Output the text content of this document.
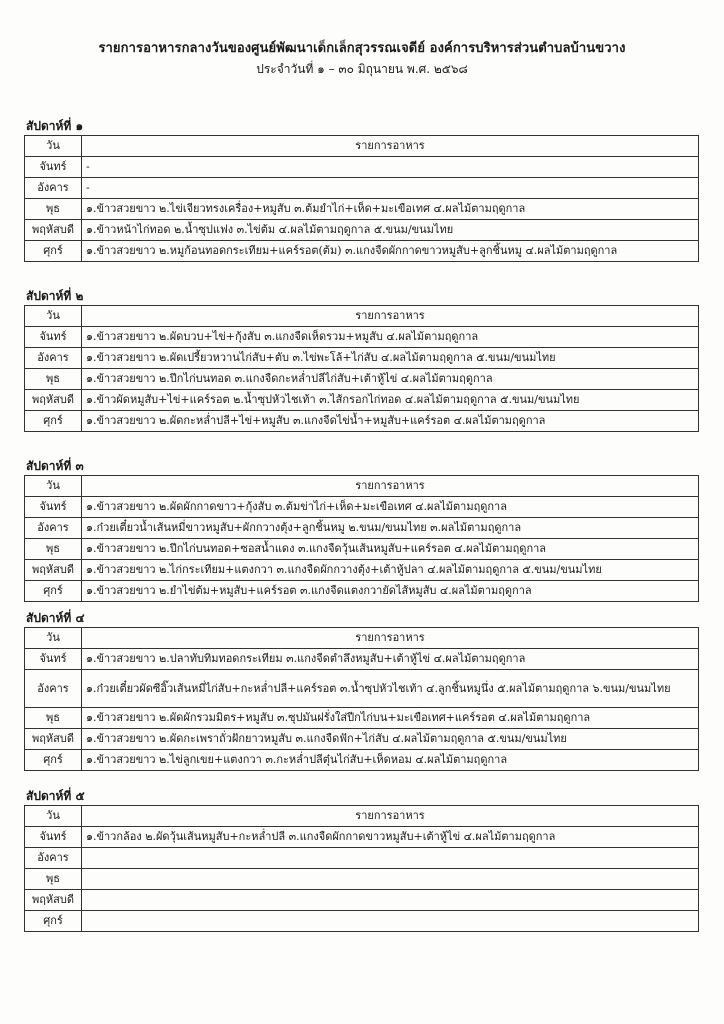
รายการอาหารกลางวันของศูนย์พัฒนาเด็กเล็กสุวรรณเจดีย์ องค์การบริหารส่วนตำบลบ้านขวาง
ประจำวันที่ ๑ – ๓๐ มิถุนายน พ.ศ. ๒๕๖๘
สัปดาห์ที่ ๑
วัน	รายการอาหาร
จันทร์	-
อังคาร	-
พุธ	๑.ข้าวสวยขาว ๒.ไข่เจียวทรงเครื่อง+หมูสับ ๓.ต้มยำไก่+เห็ด+มะเขือเทศ ๔.ผลไม้ตามฤดูกาล
พฤหัสบดี	๑.ข้าวหน้าไก่ทอด ๒.น้ำซุปแฟง ๓.ไข่ต้ม ๔.ผลไม้ตามฤดูกาล ๕.ขนม/ขนมไทย
ศุกร์	๑.ข้าวสวยขาว ๒.หมูก้อนทอดกระเทียม+แคร์รอต(ต้ม) ๓.แกงจืดผักกาดขาวหมูสับ+ลูกชิ้นหมู ๔.ผลไม้ตามฤดูกาล
สัปดาห์ที่ ๒
วัน	รายการอาหาร
จันทร์	๑.ข้าวสวยขาว ๒.ผัดบวบ+ไข่+กุ้งสับ ๓.แกงจืดเห็ดรวม+หมูสับ ๔.ผลไม้ตามฤดูกาล
อังคาร	๑.ข้าวสวยขาว ๒.ผัดเปรี้ยวหวานไก่สับ+ตับ ๓.ไข่พะโล้+ไก่สับ ๔.ผลไม้ตามฤดูกาล ๕.ขนม/ขนมไทย
พุธ	๑.ข้าวสวยขาว ๒.ปีกไก่บนทอด ๓.แกงจืดกะหล่ำปลีไก่สับ+เต้าหู้ไข่ ๔.ผลไม้ตามฤดูกาล
พฤหัสบดี	๑.ข้าวผัดหมูสับ+ไข่+แคร์รอต ๒.น้ำซุปหัวไชเท้า ๓.ไส้กรอกไก่ทอด ๔.ผลไม้ตามฤดูกาล ๕.ขนม/ขนมไทย
ศุกร์	๑.ข้าวสวยขาว ๒.ผัดกะหล่ำปลี+ไข่+หมูสับ ๓.แกงจืดไข่น้ำ+หมูสับ+แคร์รอต ๔.ผลไม้ตามฤดูกาล
สัปดาห์ที่ ๓
วัน	รายการอาหาร
จันทร์	๑.ข้าวสวยขาว ๒.ผัดผักกาดขาว+กุ้งสับ ๓.ต้มข่าไก่+เห็ด+มะเขือเทศ ๔.ผลไม้ตามฤดูกาล
อังคาร	๑.ก๋วยเตี๋ยวน้ำเส้นหมี่ขาวหมูสับ+ผักกวางตุ้ง+ลูกชิ้นหมู ๒.ขนม/ขนมไทย ๓.ผลไม้ตามฤดูกาล
พุธ	๑.ข้าวสวยขาว ๒.ปีกไก่บนทอด+ซอสน้ำแดง ๓.แกงจืดวุ้นเส้นหมูสับ+แคร์รอต ๔.ผลไม้ตามฤดูกาล
พฤหัสบดี	๑.ข้าวสวยขาว ๒.ไก่กระเทียม+แตงกวา ๓.แกงจืดผักกวางตุ้ง+เต้าหู้ปลา ๔.ผลไม้ตามฤดูกาล ๕.ขนม/ขนมไทย
ศุกร์	๑.ข้าวสวยขาว ๒.ยำไข่ต้ม+หมูสับ+แคร์รอต ๓.แกงจืดแตงกวายัดไส้หมูสับ ๔.ผลไม้ตามฤดูกาล
สัปดาห์ที่ ๔
วัน	รายการอาหาร
จันทร์	๑.ข้าวสวยขาว ๒.ปลาทับทิมทอดกระเทียม ๓.แกงจืดตำลึงหมูสับ+เต้าหู้ไข่ ๔.ผลไม้ตามฤดูกาล
อังคาร	๑.ก๋วยเตี๋ยวผัดซีอิ๊วเส้นหมี่ไก่สับ+กะหล่ำปลี+แคร์รอต ๓.น้ำซุปหัวไชเท้า ๔.ลูกชิ้นหมูนึ่ง ๕.ผลไม้ตามฤดูกาล ๖.ขนม/ขนมไทย
พุธ	๑.ข้าวสวยขาว ๒.ผัดผักรวมมิตร+หมูสับ ๓.ซุปมันฝรั่งใส่ปีกไก่บน+มะเขือเทศ+แคร์รอต ๔.ผลไม้ตามฤดูกาล
พฤหัสบดี	๑.ข้าวสวยขาว ๒.ผัดกะเพราถั่วฝักยาวหมูสับ ๓.แกงจืดฟัก+ไก่สับ ๔.ผลไม้ตามฤดูกาล ๕.ขนม/ขนมไทย
ศุกร์	๑.ข้าวสวยขาว ๒.ไข่ลูกเขย+แตงกวา ๓.กะหล่ำปลีตุ๋นไก่สับ+เห็ดหอม ๔.ผลไม้ตามฤดูกาล
สัปดาห์ที่ ๕
วัน	รายการอาหาร
จันทร์	๑.ข้าวกล้อง ๒.ผัดวุ้นเส้นหมูสับ+กะหล่ำปลี ๓.แกงจืดผักกาดขาวหมูสับ+เต้าหู้ไข่ ๔.ผลไม้ตามฤดูกาล
อังคาร	
พุธ	
พฤหัสบดี	
ศุกร์	
